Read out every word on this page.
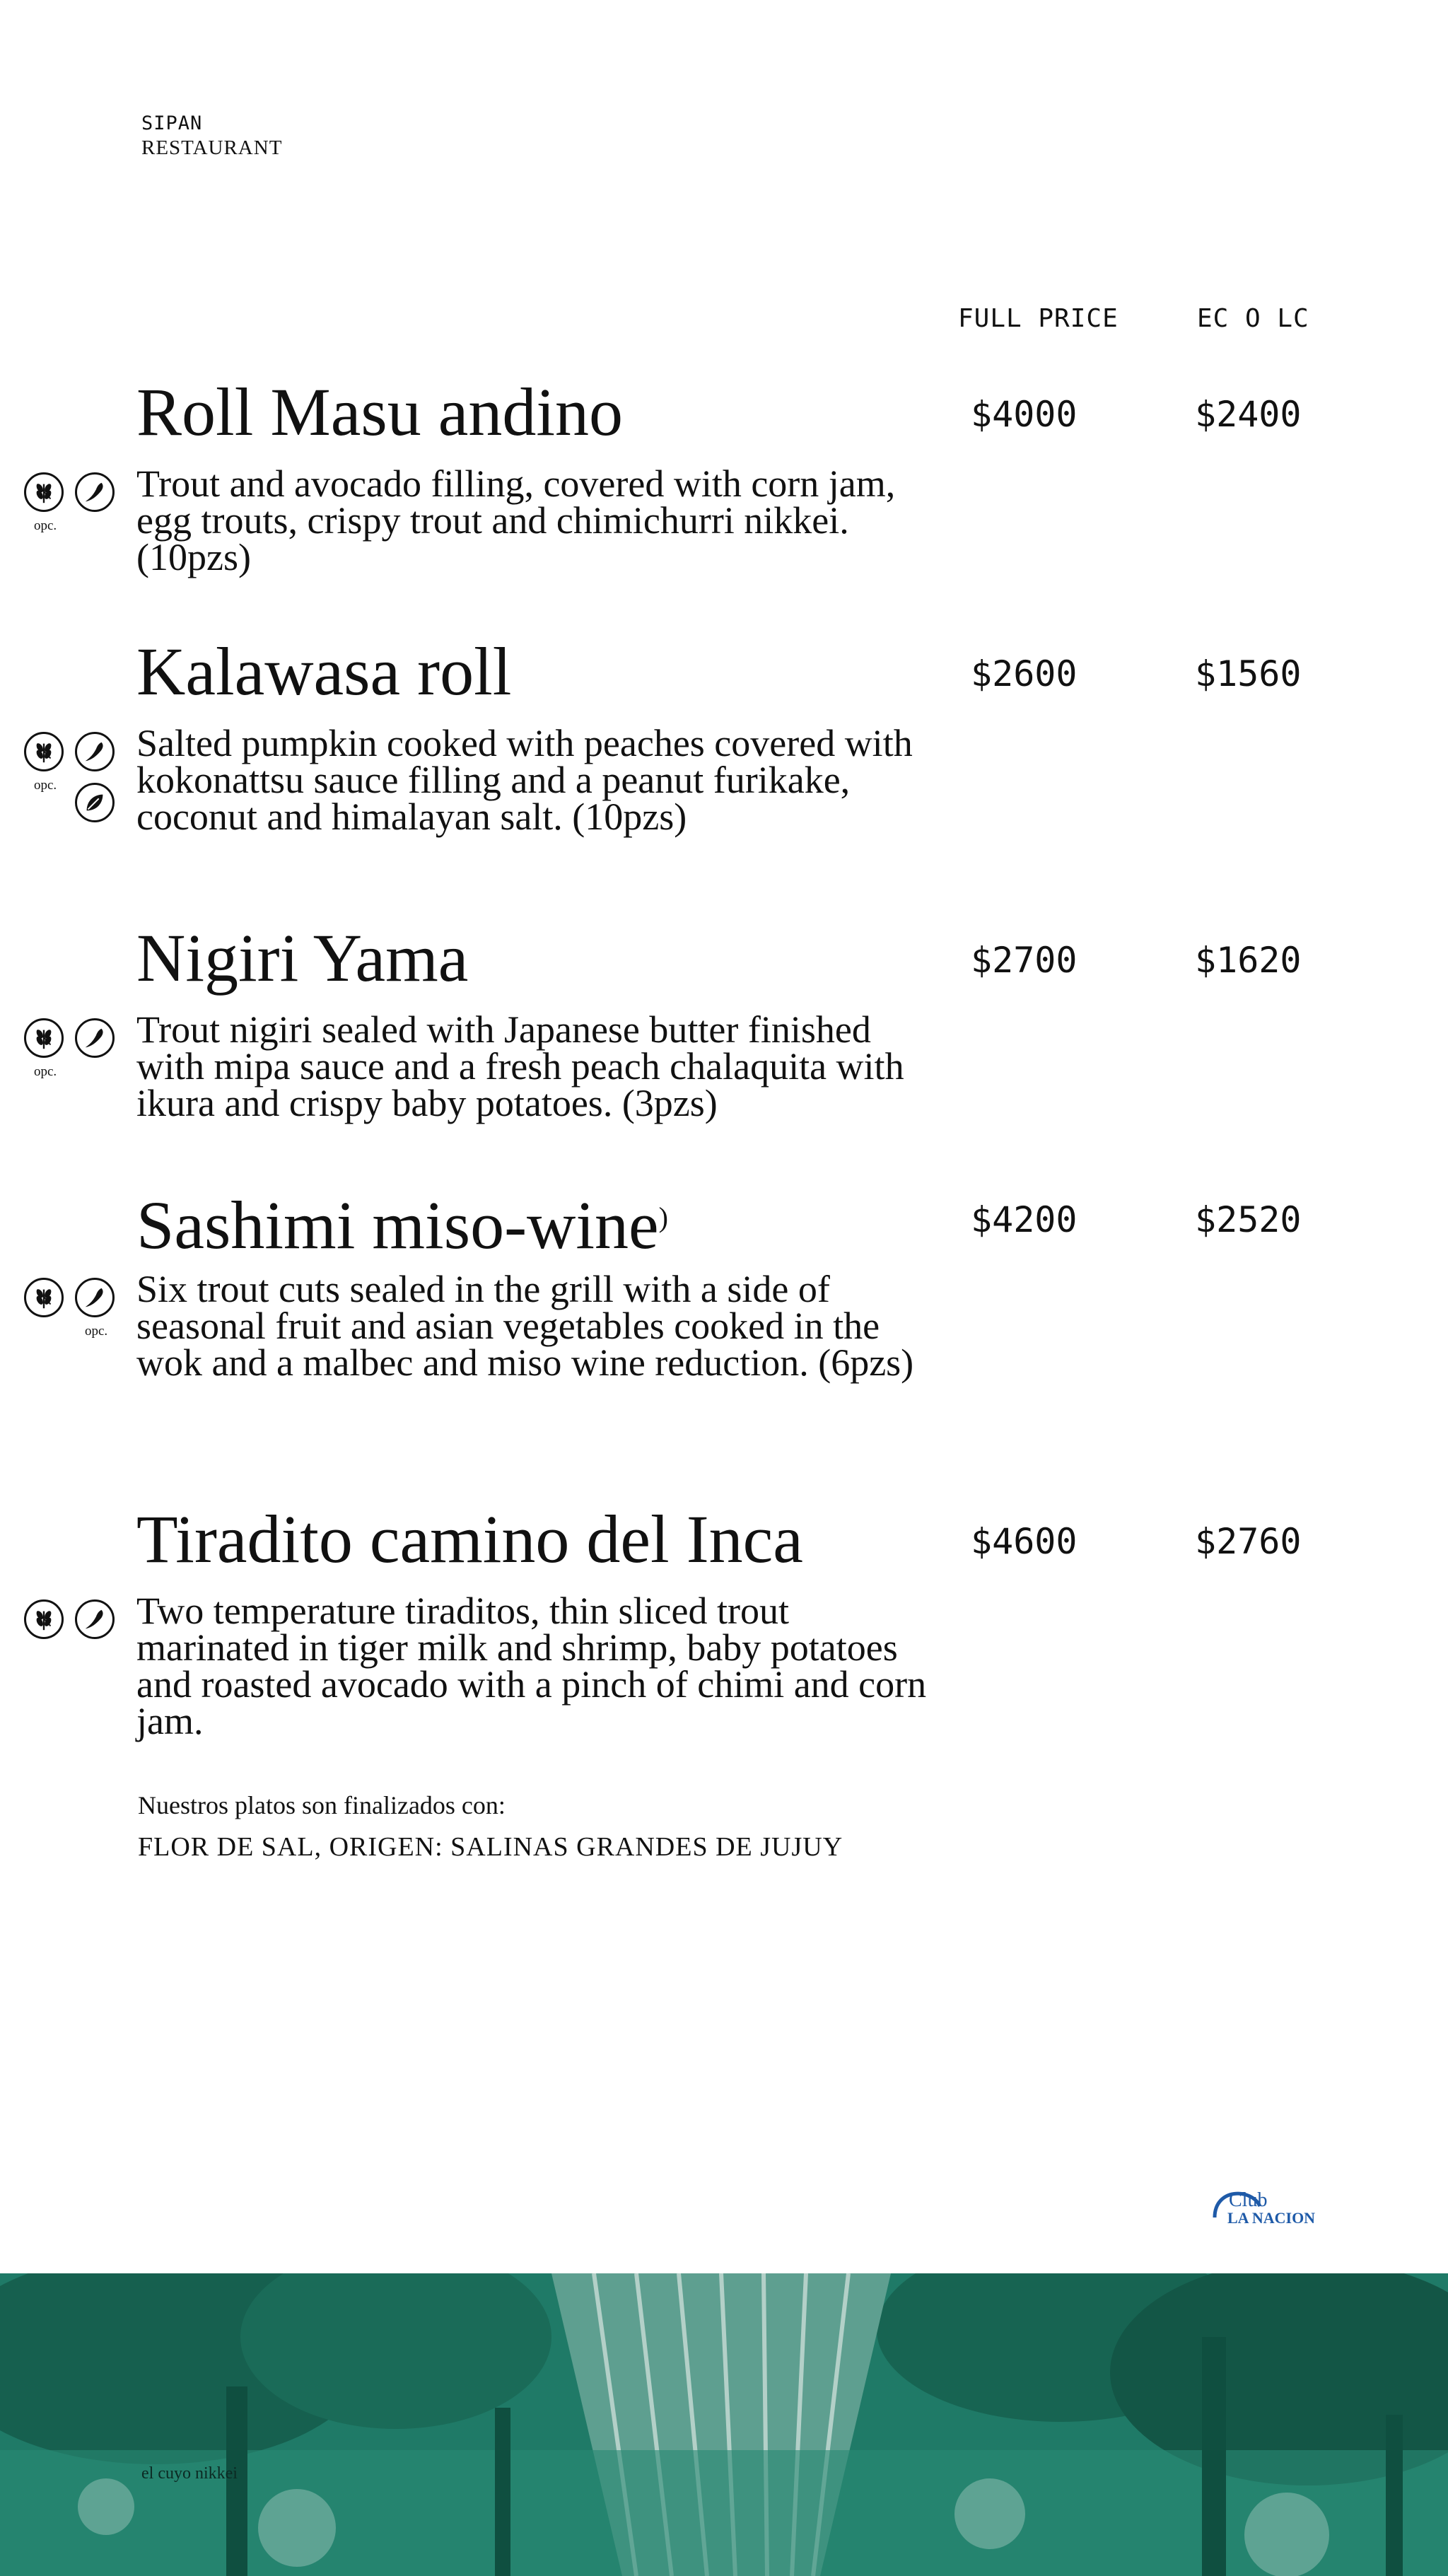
SIPAN
RESTAURANT
FULL PRICE	EC O LC
Roll Masu andino	$4000	$2400
opc.
Trout and avocado filling, covered with corn jam, egg trouts, crispy trout and chimichurri nikkei. (10pzs)
Kalawasa roll	$2600	$1560
opc.
Salted pumpkin cooked with peaches covered with kokonattsu sauce filling and a peanut furikake, coconut and himalayan salt. (10pzs)
Nigiri Yama	$2700	$1620
opc.
Trout nigiri sealed with Japanese butter finished with mipa sauce and a fresh peach chalaquita with ikura and crispy baby potatoes. (3pzs)
Sashimi miso-wine)	$4200	$2520
opc.
Six trout cuts sealed in the grill with a side of seasonal fruit and asian vegetables cooked in the wok and a malbec and miso wine reduction. (6pzs)
Tiradito camino del Inca	$4600	$2760
Two temperature tiraditos, thin sliced trout marinated in tiger milk and shrimp, baby potatoes and roasted avocado with a pinch of chimi and corn jam.
Nuestros platos son finalizados con:
FLOR DE SAL, ORIGEN: SALINAS GRANDES DE JUJUY
Club
LA NACION
el cuyo nikkei
